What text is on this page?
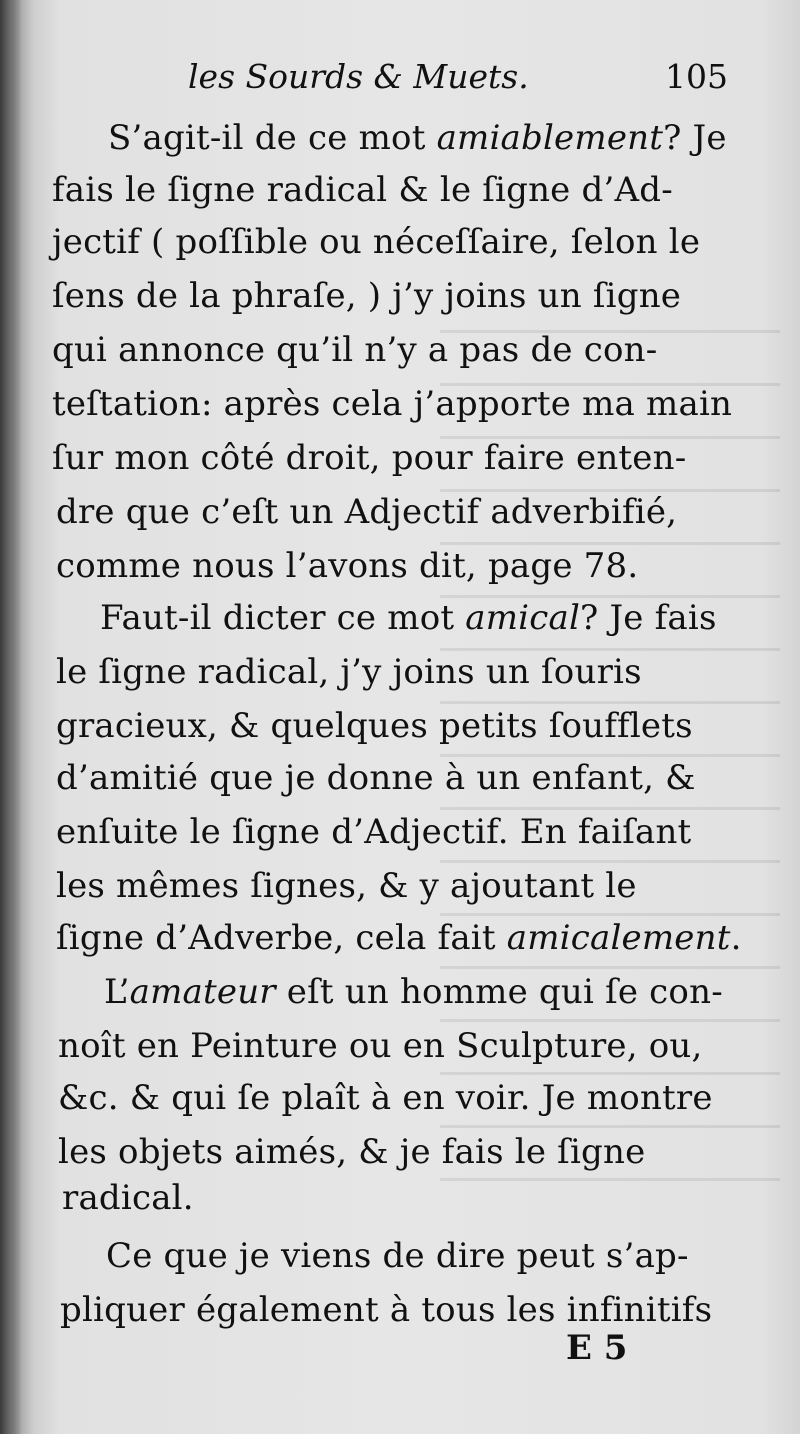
les Sourds & Muets.	105
S’agit-il de ce mot amiablement? Je
fais le ſigne radical & le ſigne d’Ad-
jectif ( poſſible ou néceſſaire, ſelon le
ſens de la phraſe, ) j’y joins un ſigne
qui annonce qu’il n’y a pas de con-
teſtation: après cela j’apporte ma main
ſur mon côté droit, pour faire enten-
dre que c’eſt un Adjectif adverbifié,
comme nous l’avons dit, page 78.
Faut-il dicter ce mot amical? Je fais
le ſigne radical, j’y joins un ſouris
gracieux, & quelques petits ſoufflets
d’amitié que je donne à un enfant, &
enſuite le ſigne d’Adjectif. En faiſant
les mêmes ſignes, & y ajoutant le
ſigne d’Adverbe, cela fait amicalement.
L’amateur eſt un homme qui ſe con-
noît en Peinture ou en Sculpture, ou,
&c. & qui ſe plaît à en voir. Je montre
les objets aimés, & je fais le ſigne
radical.
Ce que je viens de dire peut s’ap-
pliquer également à tous les infinitifs
E 5
